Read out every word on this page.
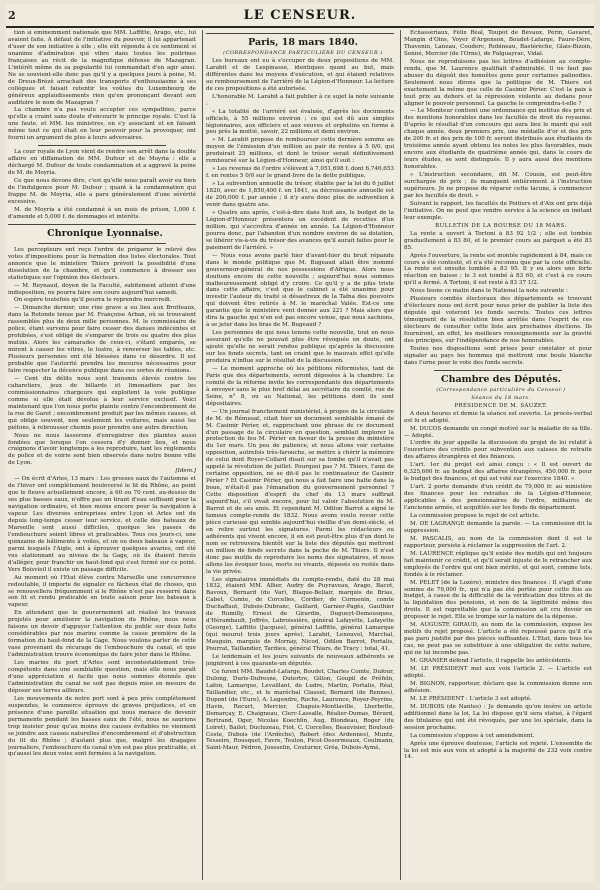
2	LE CENSEUR.

tion si éminemment nationale que MM. Laffitte, Arago, etc., lui avaient faite. A défaut de l'initiative du pouvoir, il lui appartenait d'user de son initiative à elle ; elle eût répondu à ce sentiment si unanime d'admiration qui vibre dans toutes les poitrines françaises au récit de la magnifique défense de Mazagran. L'intérêt même de sa popularité lui commandait d'en agir ainsi. Ne se souvient-elle donc pas qu'il y a quelques jours à peine, M. de Dreux-Brézé arrachait des transports d'enthousiasme à ses collègues et faisait retentir les voûtes du Luxembourg de généreux applaudissements rien qu'en prononçant devant son auditoire le nom de Mazagran ?

La chambre n'a pas voulu accepter ces sympathies, parce qu'elle a craint sans doute d'encourir le principe royale. C'est là une faute, et MM. les ministres, en s'y associant et en faisant même tout ce qui était en leur pouvoir pour la provoquer, ont fourni un argument de plus à leurs adversaires.

La cour royale de Lyon vient de rendre son arrêt dans la double affaire en diffamation de MM. Dufour et de Moyria : elle a déchargé M. Dufour de toute condamnation et a aggravé la peine de M. de Moyria.

Ce que nous devons dire, c'est qu'elle nous paraît avoir eu bien de l'indulgence pour M. Dufour ; quant à la condamnation qui frappe M. de Moyria, elle a paru généralement d'une sévérité excessive.

M. de Moyria a été condamné à un mois de prison, 1,000 f. d'amende et 5,000 f. de dommages et intérêts.

Chronique Lyonnaise.

Les percepteurs ont reçu l'ordre de préparer le relevé des votes d'impositions pour la formation des listes électorales. Tout annonce que le ministère Thiers prévoit la possibilité d'une dissolution de la chambre, et qu'il commence à dresser ses statistiques sur l'opinion des électeurs.

— M. Reynaud, doyen de la Faculté, subitement atteint d'une indisposition, ne pourra faire son cours aujourd'hui samedi.

On espère toutefois qu'il pourra le reprendre mercredi.

— Dimanche dernier, une rixe grave a eu lieu aux Brotteaux, dans la Rotonde tenue par M. Françoise Arban, où se trouvaient rassemblés plus de deux mille personnes. M. le commissaire de police, étant survenu pour faire cesser des danses indécentes et prohibées, s'est obligé de s'emparer de trois ou quatre des plus mutins. Alors les camarades de ceux-ci, s'étant emparés, se mirent à casser les vitres, le lustre, à renverser les tables, etc. Plusieurs personnes ont été blessées dans ce désordre. Il est probable que l'autorité prendra les mesures nécessaires pour faire respecter la décence publique dans ces sortes de réunions.

— Cent dix délits nous sont transmis élevés contre les cabaretiers, jeux de billards et limonadiers par les commissionnaires chargeurs qui exploitent la voie publique comme si elle était dévolue à leur service exclusif. Voici maintenant que l'on nous porte plainte contre l'encombrement de la rue de Garet ; encombrement produit par les mêmes causes, et qui oblige souvent, non seulement les voitures, mais aussi les piétons, à rebrousser chemin pour prendre une autre direction.

Nous ne nous lasserons d'enregistrer des plaintes aussi fondées que lorsque l'on cessera d'y donner lieu, et nous craignons d'avoir longtemps à les reproduire, tant les règlements de police et de voirie sont bien observés dans notre bonne ville de Lyon.

[Idem.]

— On écrit d'Arles, 13 mars : Les grosses eaux de l'automne et de l'hiver ont complètement bouleversé le lit du Rhône, au point que le fleuve actuellement encore, à 60 ou 70 cent. au-dessus de ses plus basses eaux, n'offre pas un tirant d'eau suffisant pour la navigation ordinaire, et bien moins encore pour la navigation à vapeur. Les diverses entreprises entre Lyon et Arles ont du depuis long-temps cesser leur service, et celle des bateaux de Marseille sont aussi difficiles, quoique les passes de l'embouchure soient libres et praticables. Tous ces jours-ci, une quinzaine de bâtiments à voiles, et un ou deux bateaux à vapeur, parmi lesquels l'Aigle, ont à éprouver quelques avaries, ont été vus stationnant au niveau de la Gage, où ils étaient forcés d'alléger, pour franchir un haut-fond qui s'est formé sur ce point. Vers Boisvieil il existe un passage difficile.

Au moment où l'Etat élève contre Marseille une concurrence redoutable, il importe de signaler ce fâcheux état de choses, qui se renouvellera fréquemment si le Rhône n'est pas resserré dans son lit et rendu praticable en toute saison pour les bateaux à vapeur.

En attendant que le gouvernement ait réalisé les travaux projetés pour améliorer la navigation du Rhône, nous nous faisons un devoir d'appuyer l'attention du public sur deux faits considérables par nos marins comme la cause première de la formation du haut-fond de la Cage. Nous voulons parler de cette vase provenant du récurage de l'embouchure du canal, et que l'administration trouve économique de faire jeter dans le Rhône.

Les marins du port d'Arles sont incontestablement très-compétents dans une semblable question, mais elle nous paraît d'une appréciation si facile que nous sommes étonnés que l'administration du canal ne soit pas depuis mise en mesure de déposer ses terres ailleurs.

Les mouvements de notre port sont à peu près complètement suspendus, le commerce éprouve de graves préjudices, et en présence d'une pareille situation qui nous menace de devenir permanente pendant les basses eaux de l'été, nous ne saurions trop insister pour qu'au moins des causes évitables ne viennent se joindre aux causes naturelles d'encombrement et d'obstruction du lit du Rhône ; d'autant plus que, malgré les dragages journaliers, l'embouchure du canal n'en est pas plus praticable, et qu'aussi les deux voies sont fermées à la navigation.

Paris, 18 mars 1840.

(CORRESPONDANCE PARTICULIÈRE DU CENSEUR.)

Les bureaux ont eu à s'occuper de deux propositions de MM. Larabit et de Lespinasse, identiques quant au but, mais différentes dans les moyens d'exécution, et qui étaient relatives au remboursement de l'arriéré de la Légion-d'Honneur. La lecture de ces propositions a été autorisée.

L'honorable M. Larabit a fait publier à ce sujet la note suivante :

« La totalité de l'arriéré est évaluée, d'après les documents officiels, à 55 millions environ ; ce qui est dû aux simples légionnaires, aux officiers et aux veuves et orphelins en forme à peu près la moitié, savoir, 22 millions et demi environ.

» M. Larabit propose de rembourser cette dernière somme au moyen de l'émission d'un million au pair de rentes à 5 0/0, qui produirait 25 millions, et dont le trésor serait définitivement remboursé sur la Légion-d'Honneur, ainsi qu'il suit :

» Les revenus de l'ordre s'élèvent à 7,051,698 f. dont 6,746,653 f. en rentes 5 0/0 sur le grand-livre de la dette publique.

» La subvention annuelle du trésor, établie par la loi du 6 juillet 1820, avec de 1,850,400 f. en 1841, sa décroissance annuelle est de 200,000 f. par année ; il n'y aura donc plus de subvention à venir dans quatre ans.

» Quatre ans après, c'est-à-dire dans huit ans, le budget de la Légion-d'Honneur présentera un excédent de recettes d'un million, qui s'accroîtra d'année en année. La Légion-d'Honneur pourra donc, par l'abandon d'un nombre environ de sa dotation, se libérer vis-à-vis du trésor des avances qu'il aurait faites pour le paiement de l'arriéré. »

— Nous vous avons parlé hier d'avant-hier du bruit répandu dans le monde politique que M. Bugeaud allait être nommé gouverneur-général de nos possessions d'Afrique. Alors nous doutions encore de cette nouvelle ; aujourd'hui nous sommes malheureusement obligé d'y croire. Ce qu'il y a de plus triste dans cette affaire, c'est que le cabinet a été unanime pour investir l'auteur du traité si désastreux de la Tafna des pouvoirs qui doivent être retirés à M. le maréchal Valée. Est-ce une garantie que le ministère vent donner aux 221 ? Mais alors que dira la gauche qui n'en est pas encore venue, que nous sachions, à se jeter dans les bras de M. Bugeaud ?

Les personnes de qui nous tenons cette nouvelle, tout en nous assurant qu'elle ne pouvait plus être révoquée en doute, ont ajouté qu'elle ne serait rendue publique qu'après la discussion sur les fonds secrets, tant on craint que le mauvais effet qu'elle produira n'influe sur le résultat de la discussion.

— Le moment approche où les pétitions réformistes, tant de Paris que des départements, seront déposées à la chambre. Le comité de la réforme invite les correspondants des départements à envoyer sans le plus bref délai au secrétaire du comité, rue de Seine, n° 8, ou au National, les pétitions dont ils sont dépositaires.

— Un journal franchement ministériel, à propos de la circulaire de M. de Rémusat, citait hier un document semblable émané de M. Casimir Périer, et, rapprochant une phrase de ce document d'un passage de la circulaire en question, semblait implorer la protection de feu M. Périer en faveur de la presse du ministère du 1er mars. Un peu de patience, et nous allons voir certaine opposition, autrefois très-farouche, se mettre à chérir la mémoire de celui dont Royer-Collard disait sur sa tombe qu'il n'avait pas appelé la révolution de juillet. Pourquoi pas ? M. Thiers, l'ami de certaine opposition, ne se dit-il pas le continuateur de Casimir Périer ? Et Casimir Périer, qui nous a fait faire une halte dans la boue, n'était-il pas l'émanation du gouvernement personnel ? Cette disposition d'esprit du chef du 13 mars suffirait aujourd'hui, s'il vivait encore, pour lui valoir l'absolution de M. Barrot et de ses amis. Et cependant M. Odilon Barrot a signé le fameux compte-rendu de 1832. Nous avons voulu revoir cette pièce curieuse qui semble aujourd'hui vieillie d'un demi-siècle, et en relire surtout les signatures. Parmi les rédacteurs ou adhérents qui vivent encore, il en est peut-être plus d'un dont le nom se retrouvera bientôt sur la liste des députés qui mettront un million de fonds secrets dans la poche de M. Thiers. Il n'est donc pas inutile de reproduire les noms des signataires, et nous allons les évoquer tous, morts ou vivants, déposés ou restés dans la vie privée.

Les signataires immédiats du compte-rendu, daté du 28 mai 1832, étaient MM. Allier, Audry de Puyraveau, Arago, Bacot, Bavoux, Bernard (du Var), Blaque-Bellair, marquis de Brias, Cabet, Comte, de Corcelles, Cordier, de Cormenin, comte Duchaffaut, Dubois-Dubranc, Gaillard, Garnier-Pagès, Gauthier de Rumilly, Ernest de Girardin, Dugueyt-Demousques, d'Hérambault, Joffrès, Labroissière, général Lafayette, Lafayette (George), Laffitte (Jacques), général Laffitte, général Lamarque (qui mourut trois jours après), Larabit, Lenouvel, Marchal, Mauguin, marquis de Mornay, Nicod, Odilon Barrot, Portalis, Pourrat, Taillandier, Tardieu, général Thiars, de Tracy ; total, 41.

Le lendemain et les jours suivants de nouveaux adhérents se joignirent à ces quarante-un députés.

Ce furent MM. Baudet-Lafarge, Boudet, Charles Comte, Dufour, Dulong, Duris-Dufresne, Dutertre, Gillon, Goupil de Préfeln, Lafon, Lamarque, Levaillant, de Ludre, Martin, Portalis, Réal, Taillandier, etc., et le maréchal Clausel, Bernard (de Rennes), Dupont (de l'Eure), A. Legendre, Roche, Laurence, Royer-Peyrine, Havin, Recurt, Mercier, Chapuis-Montlaville, Lherbette, Demarçay, E. Chaigneau, Clerc-Lassalle, Réalier-Dumas, Bérard, Bertrand, Oger, Nicolas Koechlin, Aug. Blondeau, Roger (du Loiret), Bailot, Ducluzeau, Fiot, C. Corcelles, Beauvisier, Bouloud-Coste, Dubois (de l'Ardèche), Robert (des Ardennes), Muntz, Tesseire, Rousquet, Favre, Teulon, Picot-Desormeaux, Coulmann, Saint-Maur, Pédron, Jousselin, Couturier, Gréa, Dubois-Aymé,

Echassériaux, Félix Réal, Toupot de Bévaux, Périn, Gavaret, Mangin d'Oins, Voyer d'Argenson, Boudet-Lafarge, Faure-Dère, Thavenin, Laneau, Couderc, Robineau, Bastérèche, Glais-Bizoin, Senné, Mercier (de l'Orne), de Falguayrac, Vidal.

Nous ne reproduisons pas les lettres d'adhésion au compte-rendu, que M. Laurence qualifiait d'admirable. Il ne faut pas abuser du dégoût des honnêtes gens pour certaines palinodies. Seulement nous dirons que la politique de M. Thiers est exactement la même que celle de Casimir Périer. C'est la paix à tout prix au dehors et la répression violente au dedans pour aligner le pouvoir personnel. La gauche le comprendra-t-elle ?

— Le Moniteur contient une ordonnance qui institue des prix et des mentions honorables dans les facultés de droit du royaume. D'après le résultat d'un concours qui aura lieu le mardi qui suit chaque année, deux premiers prix, une médaille d'or et des prix de 200 fr. et des prix de 100 fr. seront distribués aux étudiants de troisième année ayant obtenu les notes les plus favorables, mais encore aux étudiants de quatrième année qui, dans le cours de leurs études, se sont distingués. Il y aura aussi des mentions honorables.

« L'instruction secondaire, dit M. Cousin, est peut-être surchargée de prix ; ils manquent entièrement à l'instruction supérieure. Je ne propose de réparer cette lacune, à commencer par les facultés de droit. »

Suivant le rapport, les facultés de Poitiers et d'Aix ont pris déjà l'initiative. On ne peut que rendre service à la science en imitant leur exemple.

BULLETIN DE LA BOURSE DU 18 MARS.

La rente a ouvert à Tortoni à 83 92 1/2 ; elle est tombée graduellement à 83 80, et le premier cours au parquet a été 83 85.

Après l'ouverture, la rente est montée rapidement à 84, mais ce cours a été contesté, et n'a été reconnu que par la cote officielle. La rente est ensuite tombée à 83 95. Il y eu alors une forte réaction en baisse ; le 3 est tombé à 83 60, et c'est à ce cours qu'il a fermé. A Tortoni, il est resté à 83 37 1/2.

Nous lisons ce matin dans le National la note suivante :

Plusieurs comités électoraux des départements se trouvant d'électeurs nous ont écrit pour nous prier de publier la liste des députés qui voteront les fonds secrets. Toutes ces lettres témoignent de la résolution bien arrêtée dans l'esprit de ces électeurs de consulter cette liste aux prochaines élections. Ils fourniront, en effet, les meilleurs renseignements sur la gravité des principes, sur l'indépendance de nos honorables.

Toutes nos dispositions sont prises pour constater et pour signaler au pays les hommes qui mettront une boule blanche dans l'urne pour le vote des fonds secrets.

Chambre des Députés.

(Correspondance particulière du Censeur.)

Séance du 18 mars.

PRÉSIDENCE DE M. SAUZET.

A deux heures et demie la séance est ouverte. Le procès-verbal est lu et adopté.

M. DUCOS demande un congé motivé sur la maladie de sa fille. — Adopté.

L'ordre du jour appelle la discussion du projet de loi relatif à l'ouverture des crédits pour subvention aux caisses de retraite des affaires étrangères et des finances.

L'art. 1er du projet est ainsi conçu : « Il est ouvert de 6,325,660 fr. au budget des affaires étrangères, 450,000 fr. pour le budget des finances, et qui est voté sur l'exercice 1840. »

L'art. 2 porte demande d'un crédit de 79,000 fr. au ministère des finances pour les retraites de la Légion-d'Honneur, applicables à des pensionnaires de l'ordre, militaires de l'ancienne armée, et acquittés sur les fonds du département.

La commission propose le rejet de cet article.

M. DE LAGRANGE demande la parole. — La commission dit la suppression.

M. PASCALIS, au nom de la commission dont il est le rapporteur, persiste à réclamer la suppression de l'art. 2.

M. LAURENCE réplique qu'il existe des motifs qui ont toujours fait maintenir ce crédit, et qu'il serait injuste de le retrancher aux employés de l'ordre qui ont bien mérité, et qui sont, comme tels, fondés à le réclamer.

M. PELET (de la Lozère), ministre des finances : Il s'agit d'une somme de 79,000 fr., qui n'a pas été portée pour cette fois au budget, à cause de la difficulté de la vérification des titres et de la liquidation des pensions, et non de la légitimité même des droits. Il est regrettable que la commission ait cru devoir en proposer le rejet. Elle se trompe sur la nature de la dépense.

M. AUGUSTE GIRAUD, au nom de la commission, expose les motifs du rejet proposé. L'article a été repoussé parce qu'il n'a pas paru justifié par des pièces suffisantes. L'Etat, dans tous les cas, ne peut pas se substituer à une obligation de cette nature, qui ne lui incombe pas.

M. GRANIER défend l'article, il rappelle les antécédents.

M. LE PRÉSIDENT met aux voix l'article 2. — L'article est adopté.

M. BIGNON, rapporteur, déclare que la commission donne son adhésion.

M. LE PRÉSIDENT : L'article 3 est adopté.

M. DUBOIS (de Nantes) : Je demande qu'on insère un article additionnel dans la loi. La loi dispose qu'il sera statué, à l'égard des titulaires qui ont été révoqués, par une loi spéciale, dans la session prochaine.

La commission s'oppose à cet amendement.

Après une épreuve douteuse, l'article est rejeté. L'ensemble de la loi est mis aux voix et adopté à la majorité de 232 voix contre 14.
